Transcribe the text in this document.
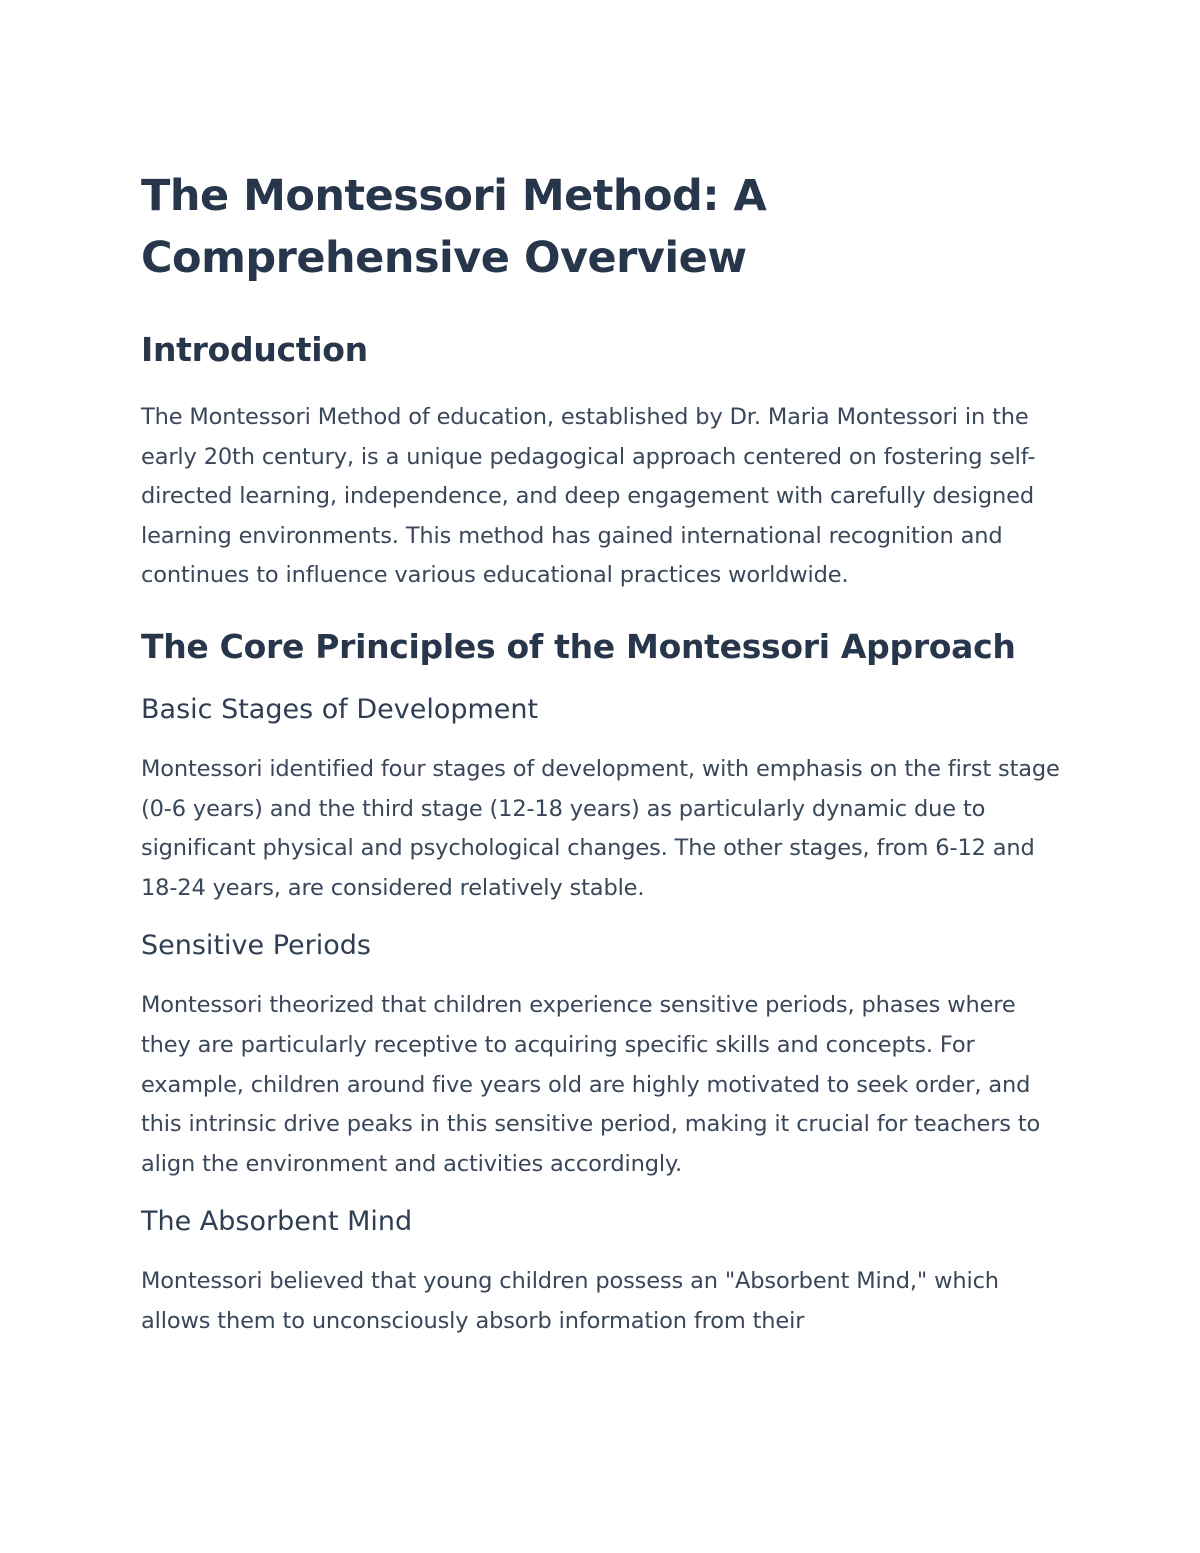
The Montessori Method: A Comprehensive Overview
Introduction

The Montessori Method of education, established by Dr. Maria Montessori in the early 20th century, is a unique pedagogical approach centered on fostering self-directed learning, independence, and deep engagement with carefully designed learning environments. This method has gained international recognition and continues to influence various educational practices worldwide.

The Core Principles of the Montessori Approach
Basic Stages of Development

Montessori identified four stages of development, with emphasis on the first stage (0-6 years) and the third stage (12-18 years) as particularly dynamic due to significant physical and psychological changes. The other stages, from 6-12 and 18-24 years, are considered relatively stable.

Sensitive Periods

Montessori theorized that children experience sensitive periods, phases where they are particularly receptive to acquiring specific skills and concepts. For example, children around five years old are highly motivated to seek order, and this intrinsic drive peaks in this sensitive period, making it crucial for teachers to align the environment and activities accordingly.

The Absorbent Mind

Montessori believed that young children possess an "Absorbent Mind," which allows them to unconsciously absorb information from their
